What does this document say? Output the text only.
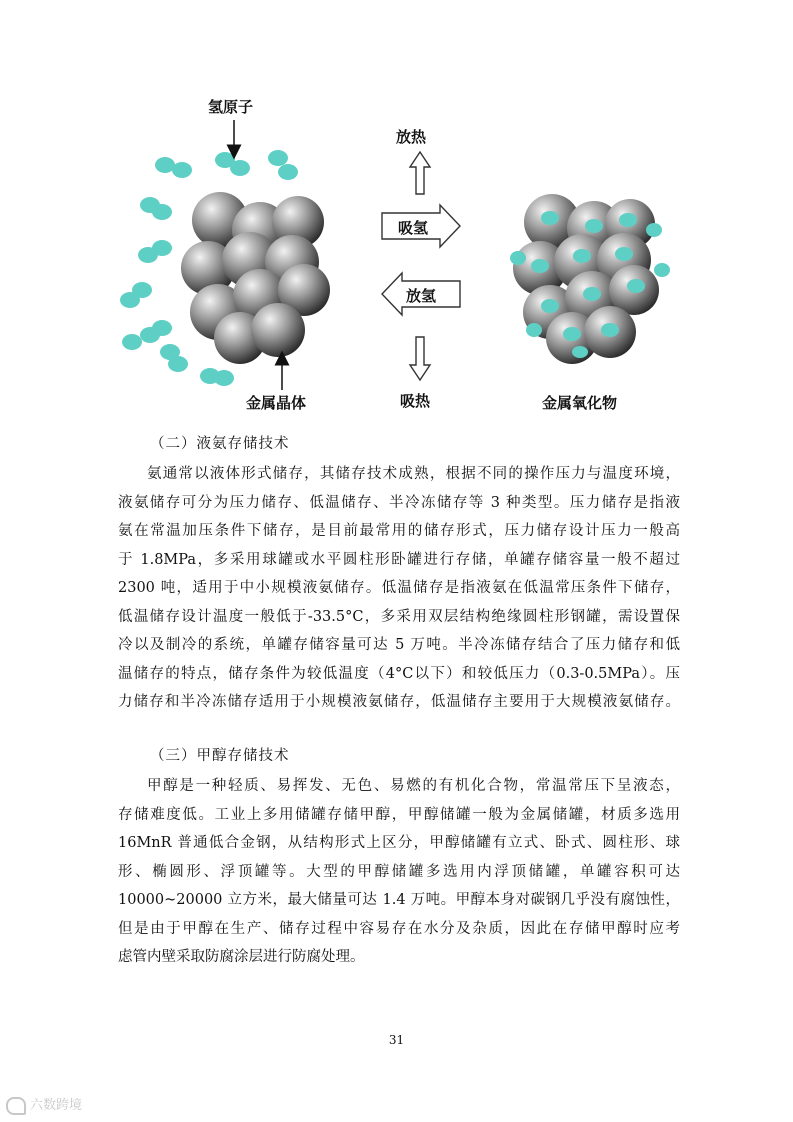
氢原子
放热
吸氢
放氢
吸热
金属晶体	金属氧化物
（二）液氨存储技术
氨通常以液体形式储存，其储存技术成熟，根据不同的操作压力与温度环境，
液氨储存可分为压力储存、低温储存、半冷冻储存等 3 种类型。压力储存是指液
氨在常温加压条件下储存，是目前最常用的储存形式，压力储存设计压力一般高
于 1.8MPa，多采用球罐或水平圆柱形卧罐进行存储，单罐存储容量一般不超过
2300 吨，适用于中小规模液氨储存。低温储存是指液氨在低温常压条件下储存，
低温储存设计温度一般低于-33.5°C，多采用双层结构绝缘圆柱形钢罐，需设置保
冷以及制冷的系统，单罐存储容量可达 5 万吨。半冷冻储存结合了压力储存和低
温储存的特点，储存条件为较低温度（4°C以下）和较低压力（0.3-0.5MPa）。压
力储存和半冷冻储存适用于小规模液氨储存，低温储存主要用于大规模液氨储存。
（三）甲醇存储技术
甲醇是一种轻质、易挥发、无色、易燃的有机化合物，常温常压下呈液态，
存储难度低。工业上多用储罐存储甲醇，甲醇储罐一般为金属储罐，材质多选用
16MnR 普通低合金钢，从结构形式上区分，甲醇储罐有立式、卧式、圆柱形、球
形、椭圆形、浮顶罐等。大型的甲醇储罐多选用内浮顶储罐，单罐容积可达
10000~20000 立方米，最大储量可达 1.4 万吨。甲醇本身对碳钢几乎没有腐蚀性，
但是由于甲醇在生产、储存过程中容易存在水分及杂质，因此在存储甲醇时应考
虑管内壁采取防腐涂层进行防腐处理。
31
六数跨境
